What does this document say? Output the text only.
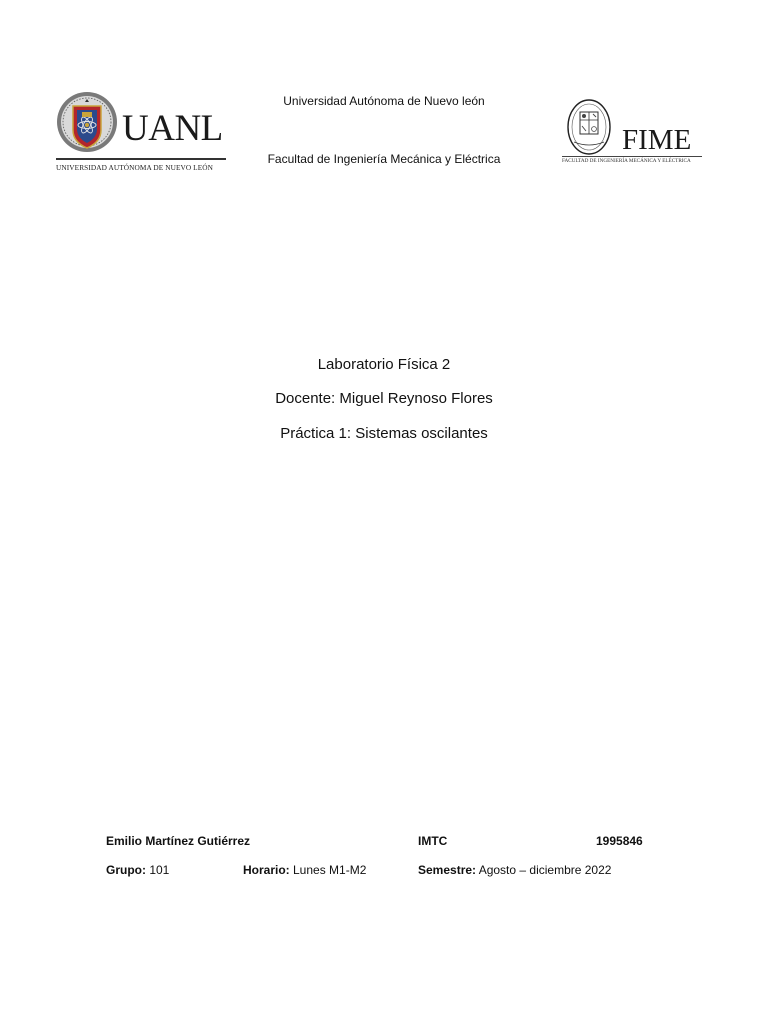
UANL
UNIVERSIDAD AUTÓNOMA DE NUEVO LEÓN
Universidad Autónoma de Nuevo león
Facultad de Ingeniería Mecánica y Eléctrica
FIME
FACULTAD DE INGENIERÍA MECÁNICA Y ELÉCTRICA
Laboratorio Física 2
Docente: Miguel Reynoso Flores
Práctica 1: Sistemas oscilantes
Emilio Martínez Gutiérrez	IMTC	1995846
Grupo: 101	Horario: Lunes M1-M2	Semestre: Agosto – diciembre 2022
